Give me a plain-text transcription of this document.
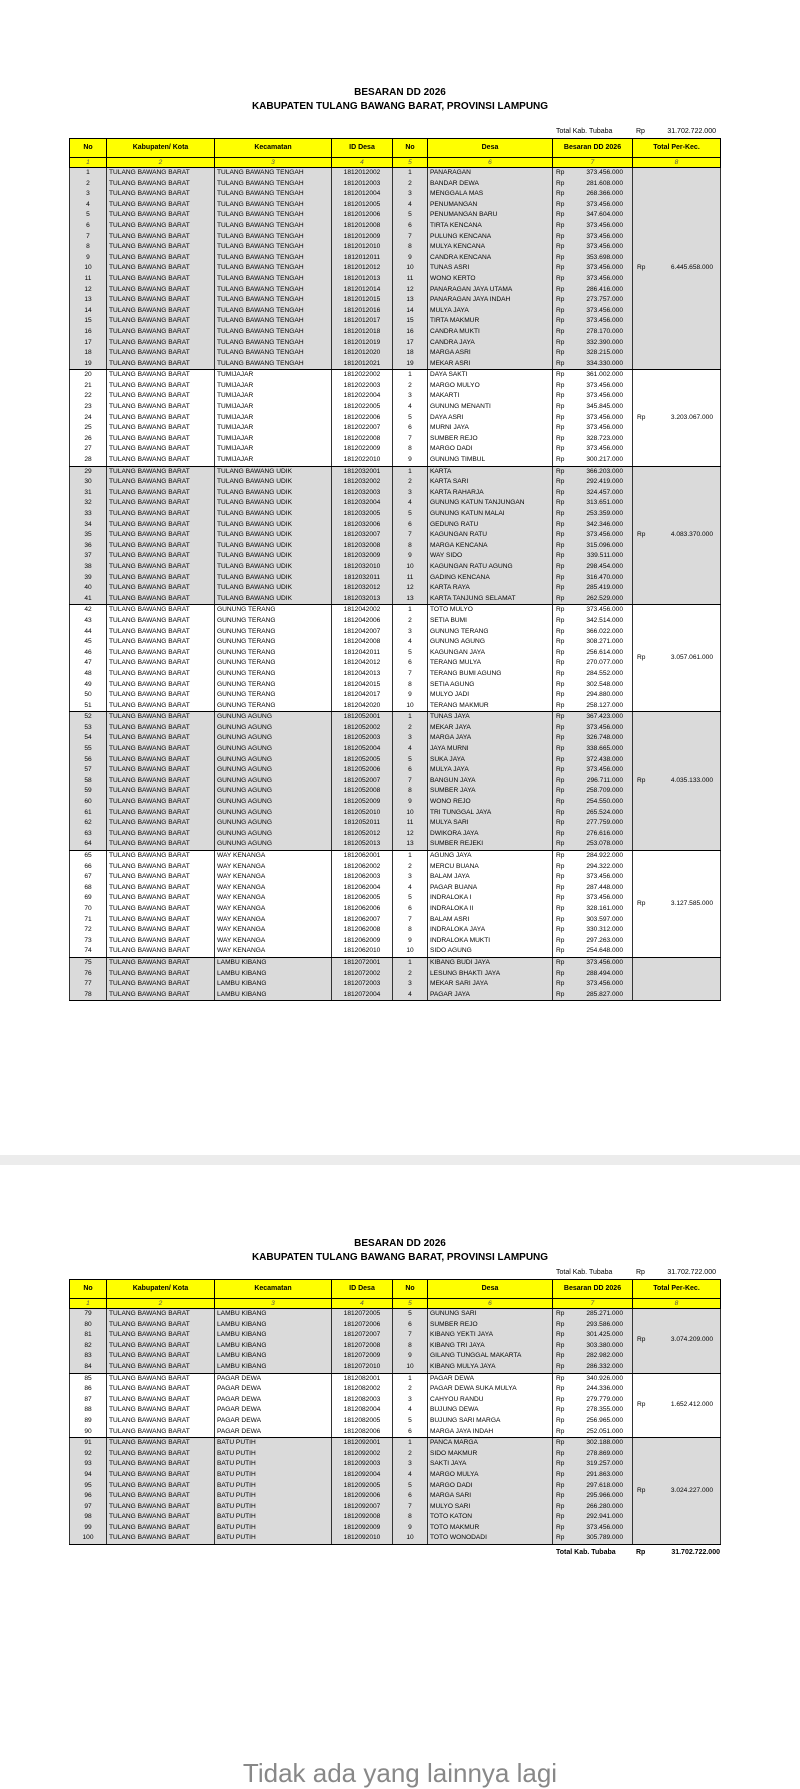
BESARAN DD 2026
KABUPATEN TULANG BAWANG BARAT, PROVINSI LAMPUNG
Total Kab. Tubaba	Rp	31.702.722.000
No	Kabupaten/ Kota	Kecamatan	ID Desa	No	Desa	Besaran DD 2026	Total Per-Kec.
1	2	3	4	5	6	7	8
1	TULANG BAWANG BARAT	TULANG BAWANG TENGAH	1812012002	1	PANARAGAN	Rp 373.456.000	Rp 6.445.658.000
2	TULANG BAWANG BARAT	TULANG BAWANG TENGAH	1812012003	2	BANDAR DEWA	Rp 281.608.000	
3	TULANG BAWANG BARAT	TULANG BAWANG TENGAH	1812012004	3	MENGGALA MAS	Rp 268.366.000	
4	TULANG BAWANG BARAT	TULANG BAWANG TENGAH	1812012005	4	PENUMANGAN	Rp 373.456.000	
5	TULANG BAWANG BARAT	TULANG BAWANG TENGAH	1812012006	5	PENUMANGAN BARU	Rp 347.604.000	
6	TULANG BAWANG BARAT	TULANG BAWANG TENGAH	1812012008	6	TIRTA KENCANA	Rp 373.456.000	
7	TULANG BAWANG BARAT	TULANG BAWANG TENGAH	1812012009	7	PULUNG KENCANA	Rp 373.456.000	
8	TULANG BAWANG BARAT	TULANG BAWANG TENGAH	1812012010	8	MULYA KENCANA	Rp 373.456.000	
9	TULANG BAWANG BARAT	TULANG BAWANG TENGAH	1812012011	9	CANDRA KENCANA	Rp 353.698.000	
10	TULANG BAWANG BARAT	TULANG BAWANG TENGAH	1812012012	10	TUNAS ASRI	Rp 373.456.000	
11	TULANG BAWANG BARAT	TULANG BAWANG TENGAH	1812012013	11	WONO KERTO	Rp 373.456.000	
12	TULANG BAWANG BARAT	TULANG BAWANG TENGAH	1812012014	12	PANARAGAN JAYA UTAMA	Rp 286.416.000	
13	TULANG BAWANG BARAT	TULANG BAWANG TENGAH	1812012015	13	PANARAGAN JAYA INDAH	Rp 273.757.000	
14	TULANG BAWANG BARAT	TULANG BAWANG TENGAH	1812012016	14	MULYA JAYA	Rp 373.456.000	
15	TULANG BAWANG BARAT	TULANG BAWANG TENGAH	1812012017	15	TIRTA MAKMUR	Rp 373.456.000	
16	TULANG BAWANG BARAT	TULANG BAWANG TENGAH	1812012018	16	CANDRA MUKTI	Rp 278.170.000	
17	TULANG BAWANG BARAT	TULANG BAWANG TENGAH	1812012019	17	CANDRA JAYA	Rp 332.390.000	
18	TULANG BAWANG BARAT	TULANG BAWANG TENGAH	1812012020	18	MARGA ASRI	Rp 328.215.000	
19	TULANG BAWANG BARAT	TULANG BAWANG TENGAH	1812012021	19	MEKAR ASRI	Rp 334.330.000	
20	TULANG BAWANG BARAT	TUMIJAJAR	1812022002	1	DAYA SAKTI	Rp 361.002.000	Rp 3.203.067.000
21	TULANG BAWANG BARAT	TUMIJAJAR	1812022003	2	MARGO MULYO	Rp 373.456.000	
22	TULANG BAWANG BARAT	TUMIJAJAR	1812022004	3	MAKARTI	Rp 373.456.000	
23	TULANG BAWANG BARAT	TUMIJAJAR	1812022005	4	GUNUNG MENANTI	Rp 345.845.000	
24	TULANG BAWANG BARAT	TUMIJAJAR	1812022006	5	DAYA ASRI	Rp 373.456.000	
25	TULANG BAWANG BARAT	TUMIJAJAR	1812022007	6	MURNI JAYA	Rp 373.456.000	
26	TULANG BAWANG BARAT	TUMIJAJAR	1812022008	7	SUMBER REJO	Rp 328.723.000	
27	TULANG BAWANG BARAT	TUMIJAJAR	1812022009	8	MARGO DADI	Rp 373.456.000	
28	TULANG BAWANG BARAT	TUMIJAJAR	1812022010	9	GUNUNG TIMBUL	Rp 300.217.000	
29	TULANG BAWANG BARAT	TULANG BAWANG UDIK	1812032001	1	KARTA	Rp 366.203.000	Rp 4.083.370.000
30	TULANG BAWANG BARAT	TULANG BAWANG UDIK	1812032002	2	KARTA SARI	Rp 292.419.000	
31	TULANG BAWANG BARAT	TULANG BAWANG UDIK	1812032003	3	KARTA RAHARJA	Rp 324.457.000	
32	TULANG BAWANG BARAT	TULANG BAWANG UDIK	1812032004	4	GUNUNG KATUN TANJUNGAN	Rp 313.651.000	
33	TULANG BAWANG BARAT	TULANG BAWANG UDIK	1812032005	5	GUNUNG KATUN MALAI	Rp 253.359.000	
34	TULANG BAWANG BARAT	TULANG BAWANG UDIK	1812032006	6	GEDUNG RATU	Rp 342.346.000	
35	TULANG BAWANG BARAT	TULANG BAWANG UDIK	1812032007	7	KAGUNGAN RATU	Rp 373.456.000	
36	TULANG BAWANG BARAT	TULANG BAWANG UDIK	1812032008	8	MARGA KENCANA	Rp 315.096.000	
37	TULANG BAWANG BARAT	TULANG BAWANG UDIK	1812032009	9	WAY SIDO	Rp 339.511.000	
38	TULANG BAWANG BARAT	TULANG BAWANG UDIK	1812032010	10	KAGUNGAN RATU AGUNG	Rp 298.454.000	
39	TULANG BAWANG BARAT	TULANG BAWANG UDIK	1812032011	11	GADING KENCANA	Rp 316.470.000	
40	TULANG BAWANG BARAT	TULANG BAWANG UDIK	1812032012	12	KARTA RAYA	Rp 285.419.000	
41	TULANG BAWANG BARAT	TULANG BAWANG UDIK	1812032013	13	KARTA TANJUNG SELAMAT	Rp 262.529.000	
42	TULANG BAWANG BARAT	GUNUNG TERANG	1812042002	1	TOTO MULYO	Rp 373.456.000	Rp 3.057.061.000
43	TULANG BAWANG BARAT	GUNUNG TERANG	1812042006	2	SETIA BUMI	Rp 342.514.000	
44	TULANG BAWANG BARAT	GUNUNG TERANG	1812042007	3	GUNUNG TERANG	Rp 366.022.000	
45	TULANG BAWANG BARAT	GUNUNG TERANG	1812042008	4	GUNUNG AGUNG	Rp 308.271.000	
46	TULANG BAWANG BARAT	GUNUNG TERANG	1812042011	5	KAGUNGAN JAYA	Rp 256.614.000	
47	TULANG BAWANG BARAT	GUNUNG TERANG	1812042012	6	TERANG MULYA	Rp 270.077.000	
48	TULANG BAWANG BARAT	GUNUNG TERANG	1812042013	7	TERANG BUMI AGUNG	Rp 284.552.000	
49	TULANG BAWANG BARAT	GUNUNG TERANG	1812042015	8	SETIA AGUNG	Rp 302.548.000	
50	TULANG BAWANG BARAT	GUNUNG TERANG	1812042017	9	MULYO JADI	Rp 294.880.000	
51	TULANG BAWANG BARAT	GUNUNG TERANG	1812042020	10	TERANG MAKMUR	Rp 258.127.000	
52	TULANG BAWANG BARAT	GUNUNG AGUNG	1812052001	1	TUNAS JAYA	Rp 367.423.000	Rp 4.035.133.000
53	TULANG BAWANG BARAT	GUNUNG AGUNG	1812052002	2	MEKAR JAYA	Rp 373.456.000	
54	TULANG BAWANG BARAT	GUNUNG AGUNG	1812052003	3	MARGA JAYA	Rp 326.748.000	
55	TULANG BAWANG BARAT	GUNUNG AGUNG	1812052004	4	JAYA MURNI	Rp 338.665.000	
56	TULANG BAWANG BARAT	GUNUNG AGUNG	1812052005	5	SUKA JAYA	Rp 372.438.000	
57	TULANG BAWANG BARAT	GUNUNG AGUNG	1812052006	6	MULYA JAYA	Rp 373.456.000	
58	TULANG BAWANG BARAT	GUNUNG AGUNG	1812052007	7	BANGUN JAYA	Rp 296.711.000	
59	TULANG BAWANG BARAT	GUNUNG AGUNG	1812052008	8	SUMBER JAYA	Rp 258.709.000	
60	TULANG BAWANG BARAT	GUNUNG AGUNG	1812052009	9	WONO REJO	Rp 254.550.000	
61	TULANG BAWANG BARAT	GUNUNG AGUNG	1812052010	10	TRI TUNGGAL JAYA	Rp 265.524.000	
62	TULANG BAWANG BARAT	GUNUNG AGUNG	1812052011	11	MULYA SARI	Rp 277.759.000	
63	TULANG BAWANG BARAT	GUNUNG AGUNG	1812052012	12	DWIKORA JAYA	Rp 276.616.000	
64	TULANG BAWANG BARAT	GUNUNG AGUNG	1812052013	13	SUMBER REJEKI	Rp 253.078.000	
65	TULANG BAWANG BARAT	WAY KENANGA	1812062001	1	AGUNG JAYA	Rp 284.922.000	Rp 3.127.585.000
66	TULANG BAWANG BARAT	WAY KENANGA	1812062002	2	MERCU BUANA	Rp 294.322.000	
67	TULANG BAWANG BARAT	WAY KENANGA	1812062003	3	BALAM JAYA	Rp 373.456.000	
68	TULANG BAWANG BARAT	WAY KENANGA	1812062004	4	PAGAR BUANA	Rp 287.448.000	
69	TULANG BAWANG BARAT	WAY KENANGA	1812062005	5	INDRALOKA I	Rp 373.456.000	
70	TULANG BAWANG BARAT	WAY KENANGA	1812062006	6	INDRALOKA II	Rp 328.161.000	
71	TULANG BAWANG BARAT	WAY KENANGA	1812062007	7	BALAM ASRI	Rp 303.597.000	
72	TULANG BAWANG BARAT	WAY KENANGA	1812062008	8	INDRALOKA JAYA	Rp 330.312.000	
73	TULANG BAWANG BARAT	WAY KENANGA	1812062009	9	INDRALOKA MUKTI	Rp 297.263.000	
74	TULANG BAWANG BARAT	WAY KENANGA	1812062010	10	SIDO AGUNG	Rp 254.648.000	
75	TULANG BAWANG BARAT	LAMBU KIBANG	1812072001	1	KIBANG BUDI JAYA	Rp 373.456.000	
76	TULANG BAWANG BARAT	LAMBU KIBANG	1812072002	2	LESUNG BHAKTI JAYA	Rp 288.494.000	
77	TULANG BAWANG BARAT	LAMBU KIBANG	1812072003	3	MEKAR SARI JAYA	Rp 373.456.000	
78	TULANG BAWANG BARAT	LAMBU KIBANG	1812072004	4	PAGAR JAYA	Rp 285.827.000	
BESARAN DD 2026
KABUPATEN TULANG BAWANG BARAT, PROVINSI LAMPUNG
Total Kab. Tubaba	Rp	31.702.722.000
No	Kabupaten/ Kota	Kecamatan	ID Desa	No	Desa	Besaran DD 2026	Total Per-Kec.
1	2	3	4	5	6	7	8
79	TULANG BAWANG BARAT	LAMBU KIBANG	1812072005	5	GUNUNG SARI	Rp 285.271.000	Rp 3.074.209.000
80	TULANG BAWANG BARAT	LAMBU KIBANG	1812072006	6	SUMBER REJO	Rp 293.586.000	
81	TULANG BAWANG BARAT	LAMBU KIBANG	1812072007	7	KIBANG YEKTI JAYA	Rp 301.425.000	
82	TULANG BAWANG BARAT	LAMBU KIBANG	1812072008	8	KIBANG TRI JAYA	Rp 303.380.000	
83	TULANG BAWANG BARAT	LAMBU KIBANG	1812072009	9	GILANG TUNGGAL MAKARTA	Rp 282.982.000	
84	TULANG BAWANG BARAT	LAMBU KIBANG	1812072010	10	KIBANG MULYA JAYA	Rp 286.332.000	
85	TULANG BAWANG BARAT	PAGAR DEWA	1812082001	1	PAGAR DEWA	Rp 340.926.000	Rp 1.652.412.000
86	TULANG BAWANG BARAT	PAGAR DEWA	1812082002	2	PAGAR DEWA SUKA MULYA	Rp 244.336.000	
87	TULANG BAWANG BARAT	PAGAR DEWA	1812082003	3	CAHYOU RANDU	Rp 279.779.000	
88	TULANG BAWANG BARAT	PAGAR DEWA	1812082004	4	BUJUNG DEWA	Rp 278.355.000	
89	TULANG BAWANG BARAT	PAGAR DEWA	1812082005	5	BUJUNG SARI MARGA	Rp 256.965.000	
90	TULANG BAWANG BARAT	PAGAR DEWA	1812082006	6	MARGA JAYA INDAH	Rp 252.051.000	
91	TULANG BAWANG BARAT	BATU PUTIH	1812092001	1	PANCA MARGA	Rp 302.188.000	Rp 3.024.227.000
92	TULANG BAWANG BARAT	BATU PUTIH	1812092002	2	SIDO MAKMUR	Rp 278.869.000	
93	TULANG BAWANG BARAT	BATU PUTIH	1812092003	3	SAKTI JAYA	Rp 319.257.000	
94	TULANG BAWANG BARAT	BATU PUTIH	1812092004	4	MARGO MULYA	Rp 291.863.000	
95	TULANG BAWANG BARAT	BATU PUTIH	1812092005	5	MARGO DADI	Rp 297.618.000	
96	TULANG BAWANG BARAT	BATU PUTIH	1812092006	6	MARGA SARI	Rp 295.966.000	
97	TULANG BAWANG BARAT	BATU PUTIH	1812092007	7	MULYO SARI	Rp 266.280.000	
98	TULANG BAWANG BARAT	BATU PUTIH	1812092008	8	TOTO KATON	Rp 292.941.000	
99	TULANG BAWANG BARAT	BATU PUTIH	1812092009	9	TOTO MAKMUR	Rp 373.456.000	
100	TULANG BAWANG BARAT	BATU PUTIH	1812092010	10	TOTO WONODADI	Rp 305.789.000	
Total Kab. Tubaba	Rp	31.702.722.000
Tidak ada yang lainnya lagi
